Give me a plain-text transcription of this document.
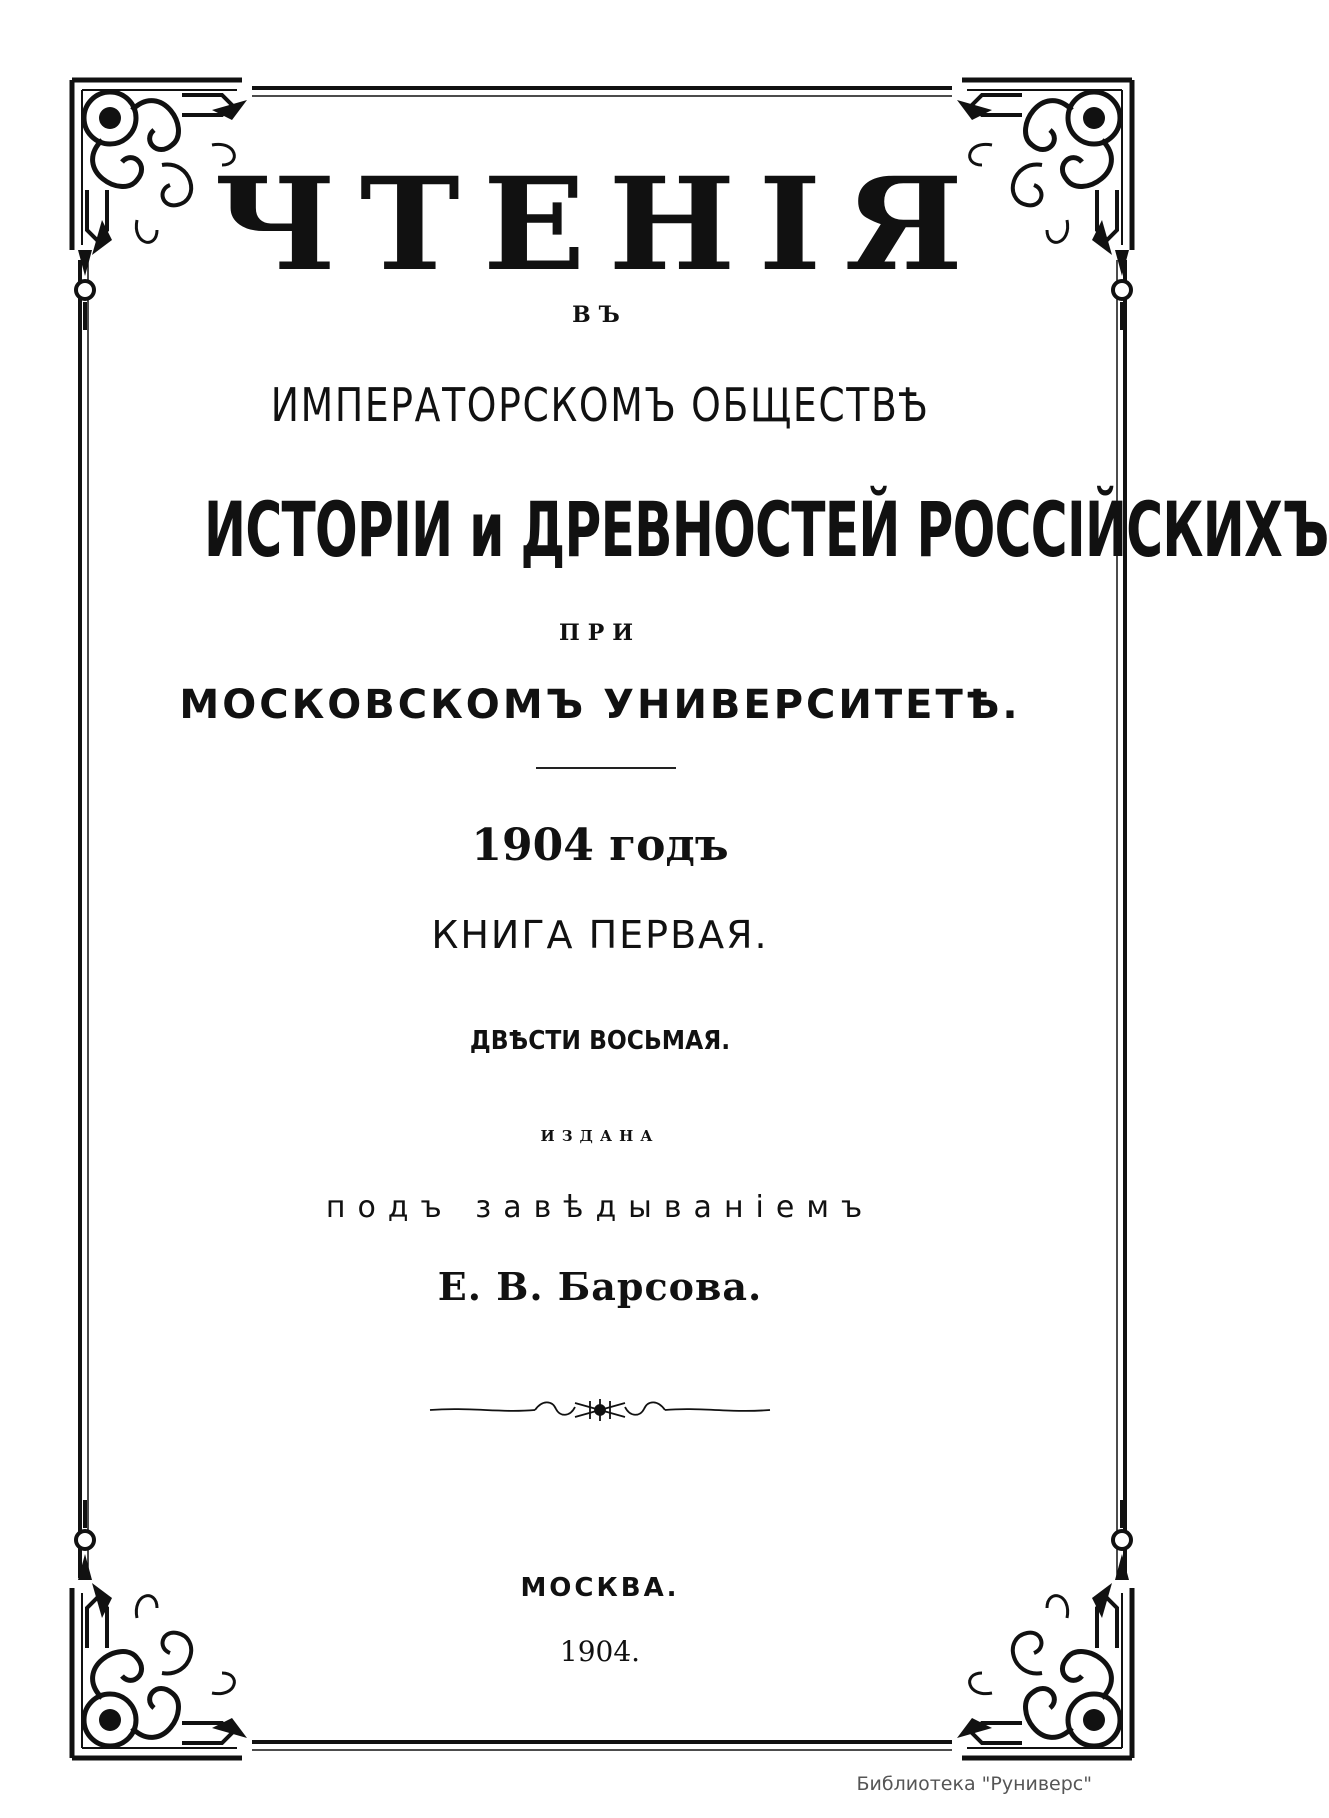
ЧТЕНІЯ
ВЪ
ИМПЕРАТОРСКОМЪ ОБЩЕСТВѢ
ИСТОРІИ и ДРЕВНОСТЕЙ РОССІЙСКИХЪ
ПРИ
МОСКОВСКОМЪ УНИВЕРСИТЕТѢ.
1904 годъ
КНИГА ПЕРВАЯ.
ДВѢСТИ ВОСЬМАЯ.
ИЗДАНА
подъ завѣдываніемъ
Е. В. Барсова.
МОСКВА.
1904.
Библиотека "Руниверс"
